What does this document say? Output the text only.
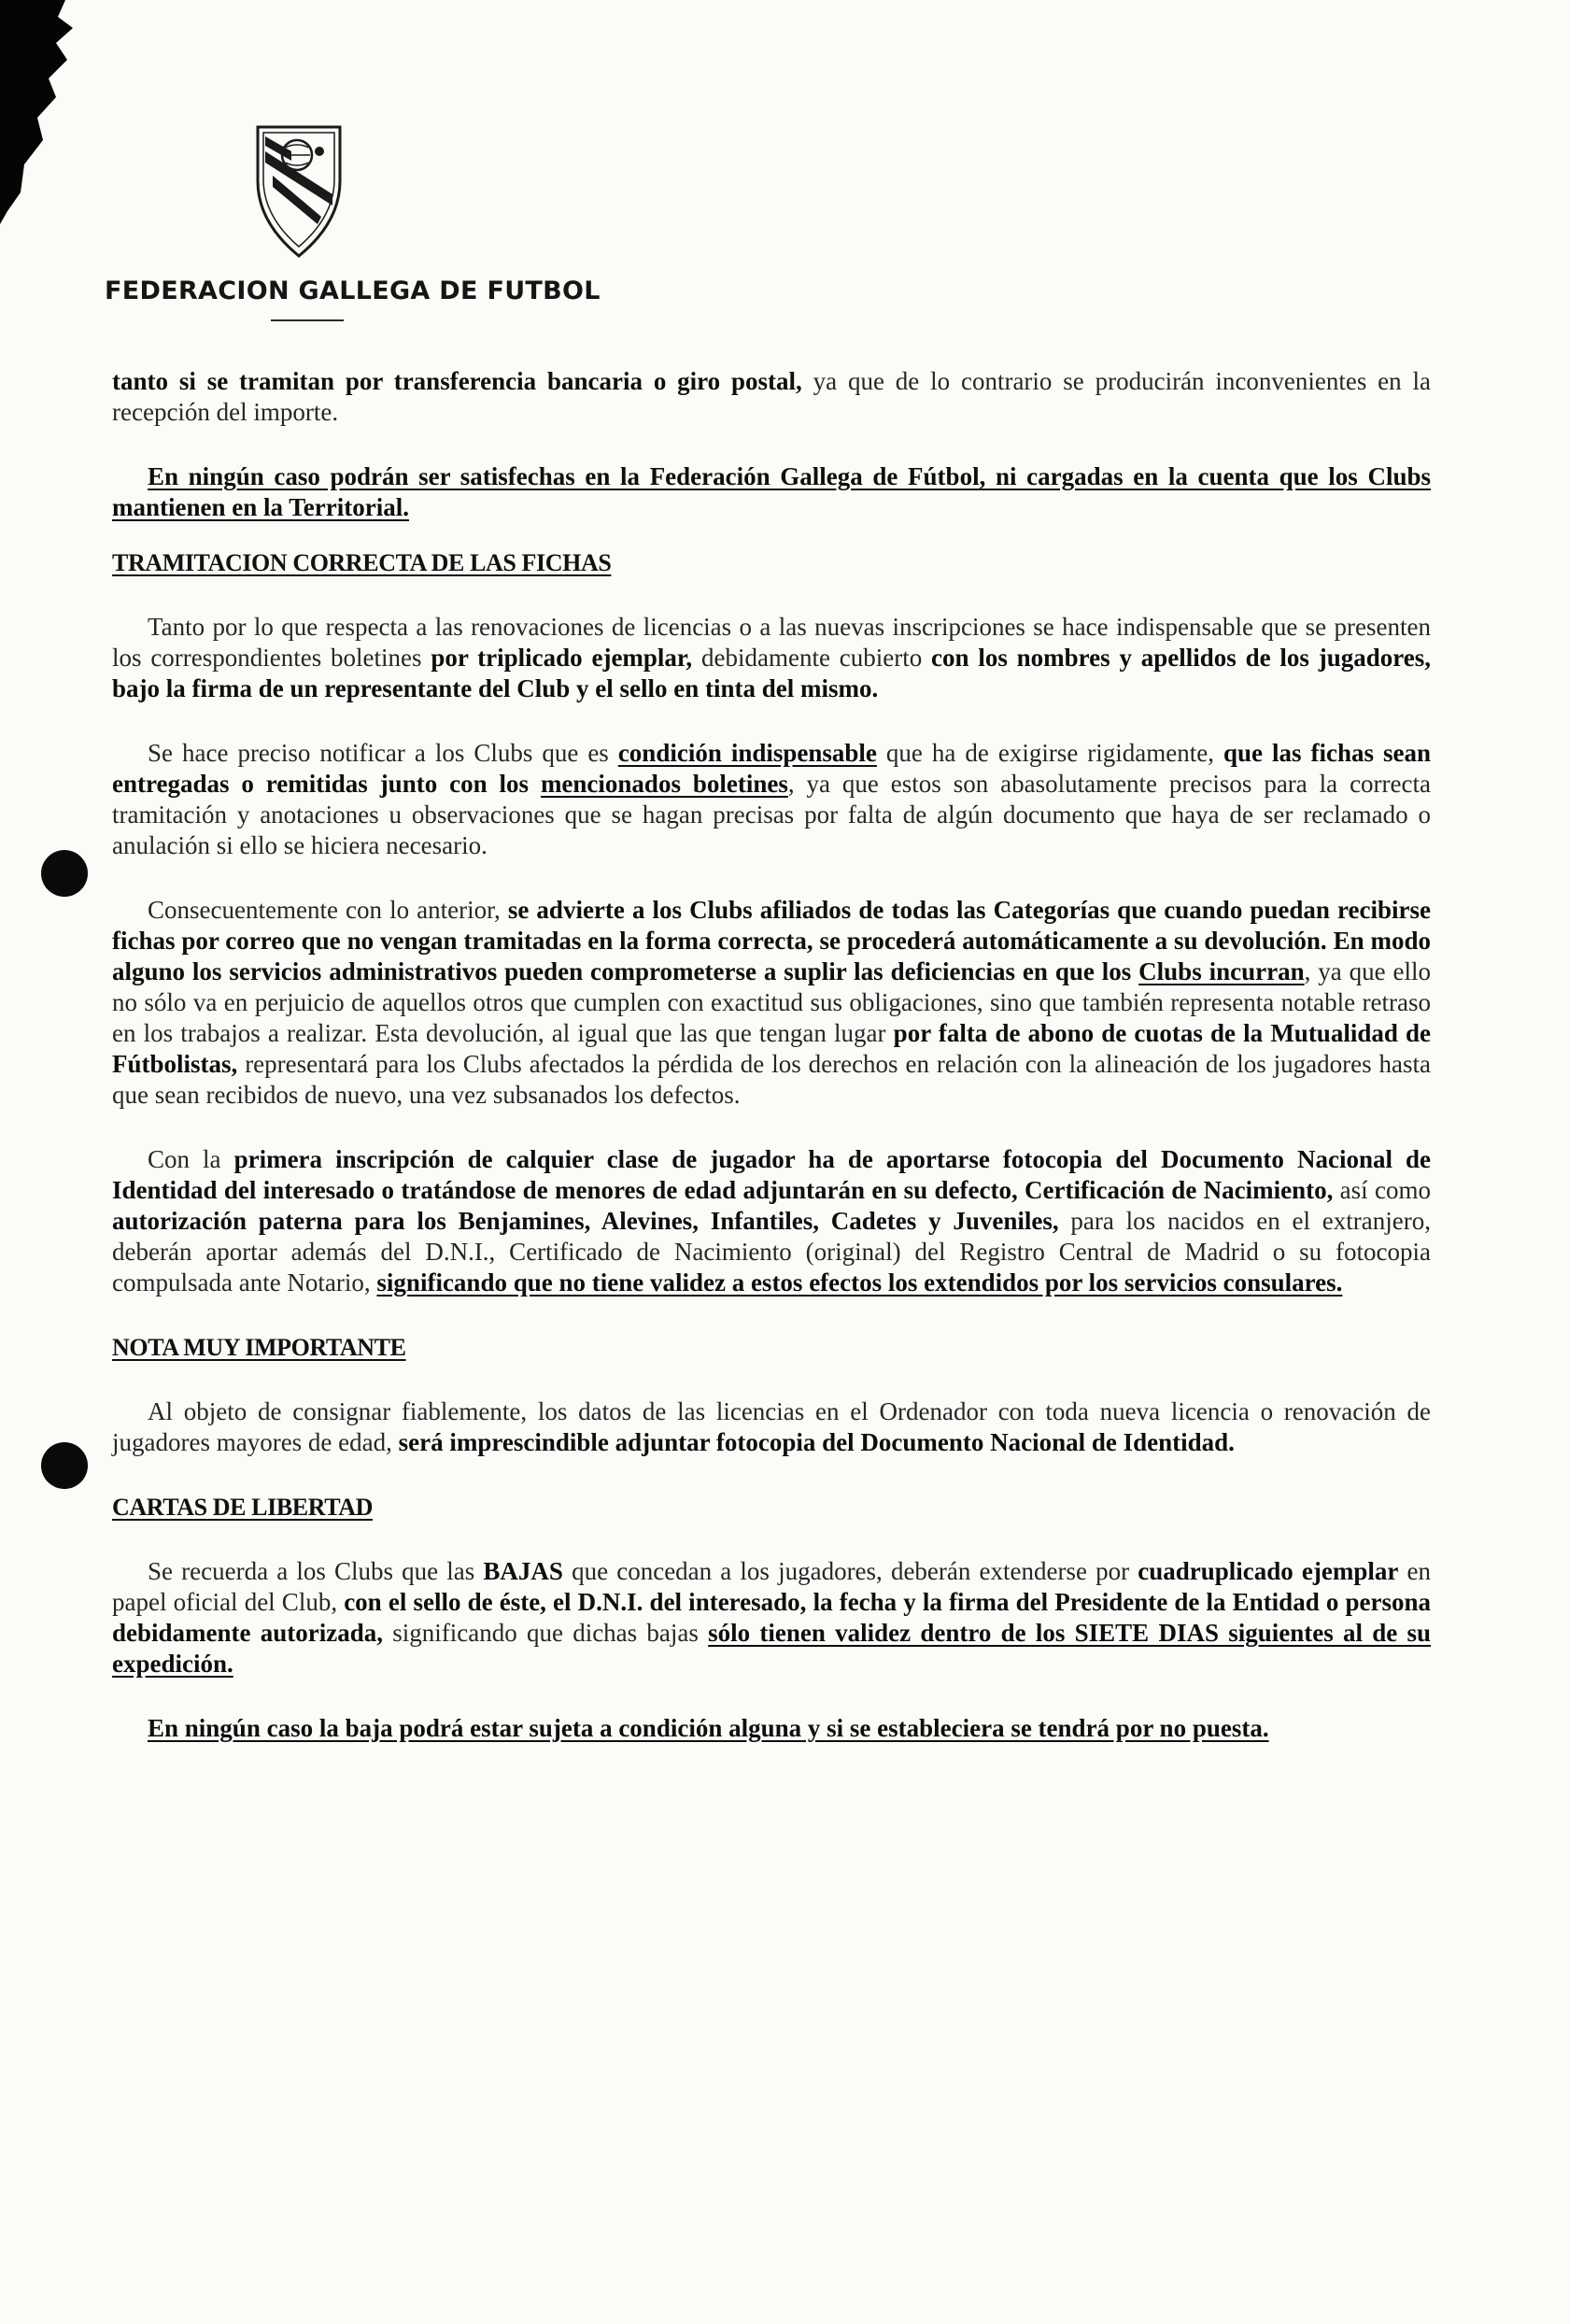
FEDERACION GALLEGA DE FUTBOL

tanto si se tramitan por transferencia bancaria o giro postal, ya que de lo contrario se producirán inconvenientes en la recepción del importe.

En ningún caso podrán ser satisfechas en la Federación Gallega de Fútbol, ni cargadas en la cuenta que los Clubs mantienen en la Territorial.

TRAMITACION CORRECTA DE LAS FICHAS

Tanto por lo que respecta a las renovaciones de licencias o a las nuevas inscripciones se hace indispensable que se presenten los correspondientes boletines por triplicado ejemplar, debidamente cubierto con los nombres y apellidos de los jugadores, bajo la firma de un representante del Club y el sello en tinta del mismo.

Se hace preciso notificar a los Clubs que es condición indispensable que ha de exigirse rigidamente, que las fichas sean entregadas o remitidas junto con los mencionados boletines, ya que estos son abasolutamente precisos para la correcta tramitación y anotaciones u observaciones que se hagan precisas por falta de algún documento que haya de ser reclamado o anulación si ello se hiciera necesario.

Consecuentemente con lo anterior, se advierte a los Clubs afiliados de todas las Categorías que cuando puedan recibirse fichas por correo que no vengan tramitadas en la forma correcta, se procederá automáticamente a su devolución. En modo alguno los servicios administrativos pueden comprometerse a suplir las deficiencias en que los Clubs incurran, ya que ello no sólo va en perjuicio de aquellos otros que cumplen con exactitud sus obligaciones, sino que también representa notable retraso en los trabajos a realizar. Esta devolución, al igual que las que tengan lugar por falta de abono de cuotas de la Mutualidad de Fútbolistas, representará para los Clubs afectados la pérdida de los derechos en relación con la alineación de los jugadores hasta que sean recibidos de nuevo, una vez subsanados los defectos.

Con la primera inscripción de calquier clase de jugador ha de aportarse fotocopia del Documento Nacional de Identidad del interesado o tratándose de menores de edad adjuntarán en su defecto, Certificación de Nacimiento, así como autorización paterna para los Benjamines, Alevines, Infantiles, Cadetes y Juveniles, para los nacidos en el extranjero, deberán aportar además del D.N.I., Certificado de Nacimiento (original) del Registro Central de Madrid o su fotocopia compulsada ante Notario, significando que no tiene validez a estos efectos los extendidos por los servicios consulares.

NOTA MUY IMPORTANTE

Al objeto de consignar fiablemente, los datos de las licencias en el Ordenador con toda nueva licencia o renovación de jugadores mayores de edad, será imprescindible adjuntar fotocopia del Documento Nacional de Identidad.

CARTAS DE LIBERTAD

Se recuerda a los Clubs que las BAJAS que concedan a los jugadores, deberán extenderse por cuadruplicado ejemplar en papel oficial del Club, con el sello de éste, el D.N.I. del interesado, la fecha y la firma del Presidente de la Entidad o persona debidamente autorizada, significando que dichas bajas sólo tienen validez dentro de los SIETE DIAS siguientes al de su expedición.

En ningún caso la baja podrá estar sujeta a condición alguna y si se estableciera se tendrá por no puesta.
